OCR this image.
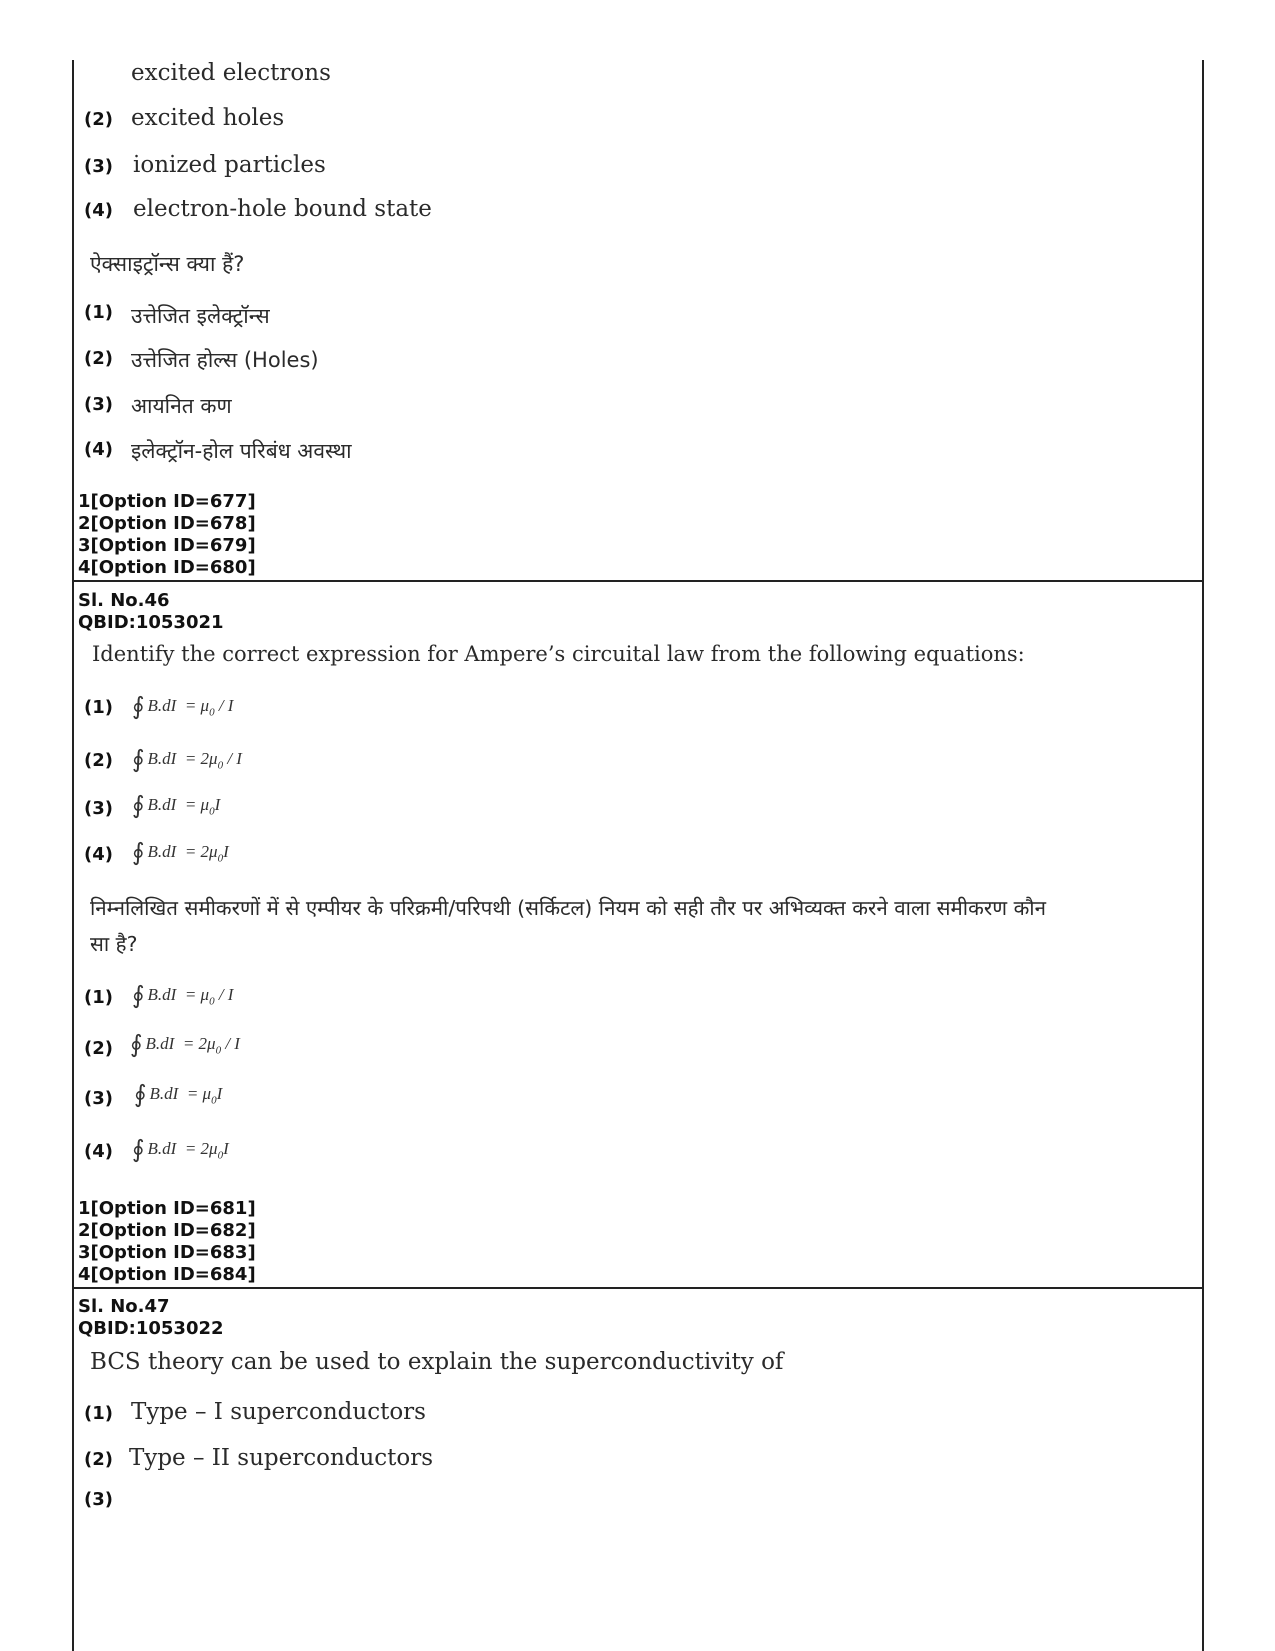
excited electrons
(2) excited holes
(3) ionized particles
(4) electron-hole bound state
ऐक्साइट्रॉन्स क्या हैं?
(1) उत्तेजित इलेक्ट्रॉन्स
(2) उत्तेजित होल्स (Holes)
(3) आयनित कण
(4) इलेक्ट्रॉन-होल परिबंध अवस्था
1[Option ID=677]
2[Option ID=678]
3[Option ID=679]
4[Option ID=680]
Sl. No.46
QBID:1053021
Identify the correct expression for Ampere’s circuital law from the following equations:
(1) ∮ $B.dI = \mu_0 / I$
(2) ∮ $B.dI = 2\mu_0 / I$
(3) ∮ $B.dI = \mu_0I$
(4) ∮ $B.dI = 2\mu_0I$
निम्नलिखित समीकरणों में से एम्पीयर के परिक्रमी/परिपथी (सर्किटल) नियम को सही तौर पर अभिव्यक्त करने वाला समीकरण कौन
सा है?
(1) ∮ $B.dI = \mu_0 / I$
(2) ∮ $B.dI = 2\mu_0 / I$
(3) ∮ $B.dI = \mu_0I$
(4) ∮ $B.dI = 2\mu_0I$
1[Option ID=681]
2[Option ID=682]
3[Option ID=683]
4[Option ID=684]
Sl. No.47
QBID:1053022
BCS theory can be used to explain the superconductivity of
(1) Type – I superconductors
(2) Type – II superconductors
(3)
